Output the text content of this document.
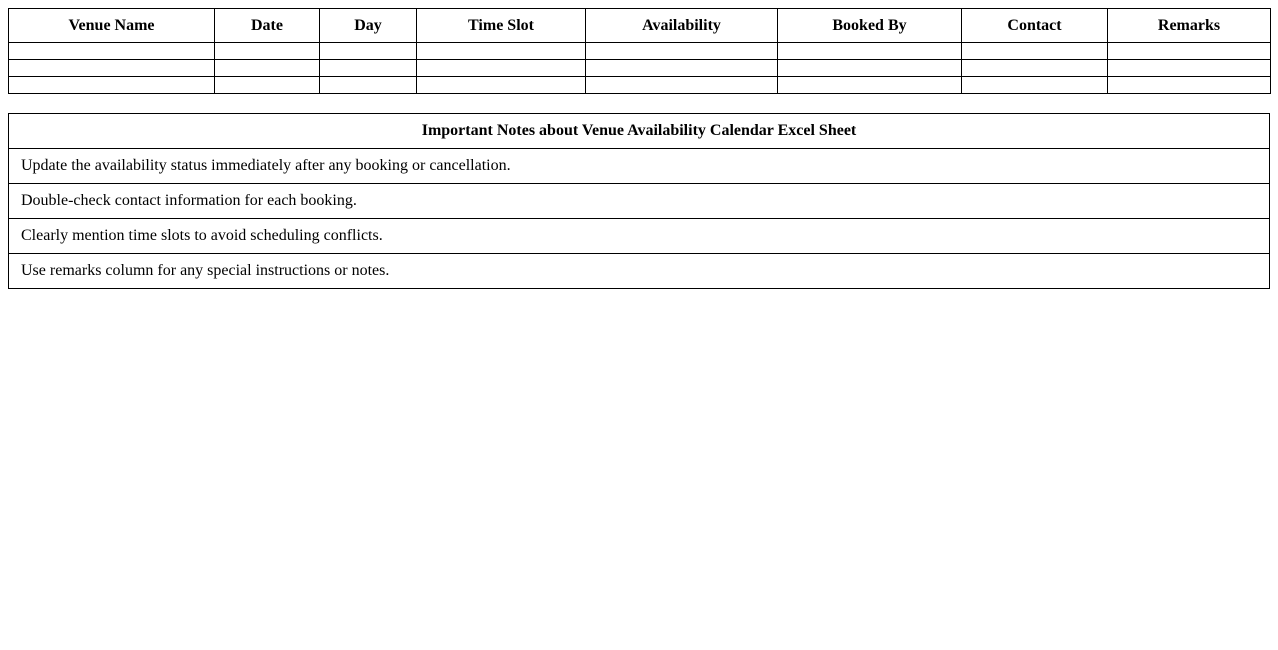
Venue Name	Date	Day	Time Slot	Availability	Booked By	Contact	Remarks

Important Notes about Venue Availability Calendar Excel Sheet
Update the availability status immediately after any booking or cancellation.
Double-check contact information for each booking.
Clearly mention time slots to avoid scheduling conflicts.
Use remarks column for any special instructions or notes.
